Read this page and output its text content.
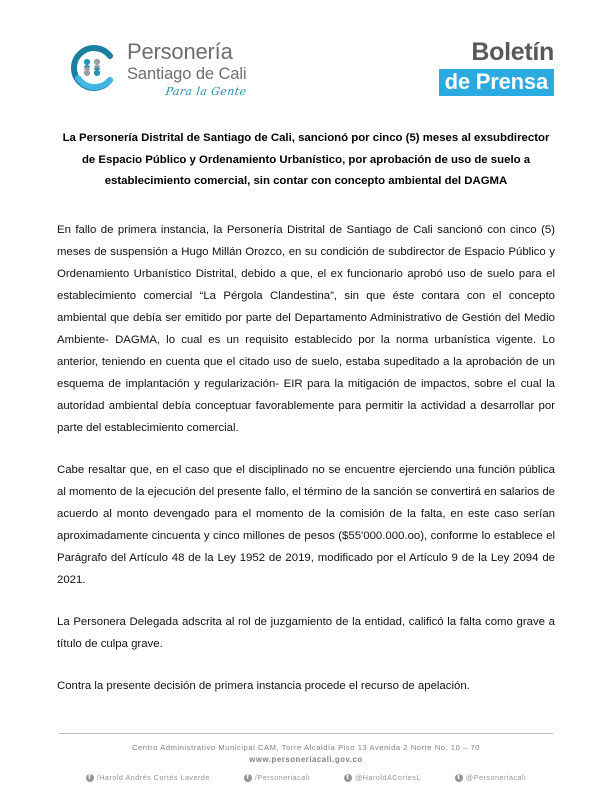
Personería
Santiago de Cali
Para la Gente
Boletín
de Prensa
La Personería Distrital de Santiago de Cali, sancionó por cinco (5) meses al exsubdirector de Espacio Público y Ordenamiento Urbanístico, por aprobación de uso de suelo a establecimiento comercial, sin contar con concepto ambiental del DAGMA

En fallo de primera instancia, la Personería Distrital de Santiago de Cali sancionó con cinco (5) meses de suspensión a Hugo Millán Orozco, en su condición de subdirector de Espacio Público y Ordenamiento Urbanístico Distrital, debido a que, el ex funcionario aprobó uso de suelo para el establecimiento comercial “La Pérgola Clandestina”, sin que éste contara con el concepto ambiental que debía ser emitido por parte del Departamento Administrativo de Gestión del Medio Ambiente- DAGMA, lo cual es un requisito establecido por la norma urbanística vigente. Lo anterior, teniendo en cuenta que el citado uso de suelo, estaba supeditado a la aprobación de un esquema de implantación y regularización- EIR para la mitigación de impactos, sobre el cual la autoridad ambiental debía conceptuar favorablemente para permitir la actividad a desarrollar por parte del establecimiento comercial.

Cabe resaltar que, en el caso que el disciplinado no se encuentre ejerciendo una función pública al momento de la ejecución del presente fallo, el término de la sanción se convertirá en salarios de acuerdo al monto devengado para el momento de la comisión de la falta, en este caso serían aproximadamente cincuenta y cinco millones de pesos ($55'000.000.oo), conforme lo establece el Parágrafo del Artículo 48 de la Ley 1952 de 2019, modificado por el Artículo 9 de la Ley 2094 de 2021.

La Personera Delegada adscrita al rol de juzgamiento de la entidad, calificó la falta como grave a título de culpa grave.

Contra la presente decisión de primera instancia procede el recurso de apelación.

Centro Administrativo Municipal CAM, Torre Alcaldía Piso 13 Avenida 2 Norte No. 10 – 70
www.personeriacali.gov.co
f /Harold Andrés Cortés Laverde	f /Personeriacali	t @HaroldACortesL	t @Personeriacali
